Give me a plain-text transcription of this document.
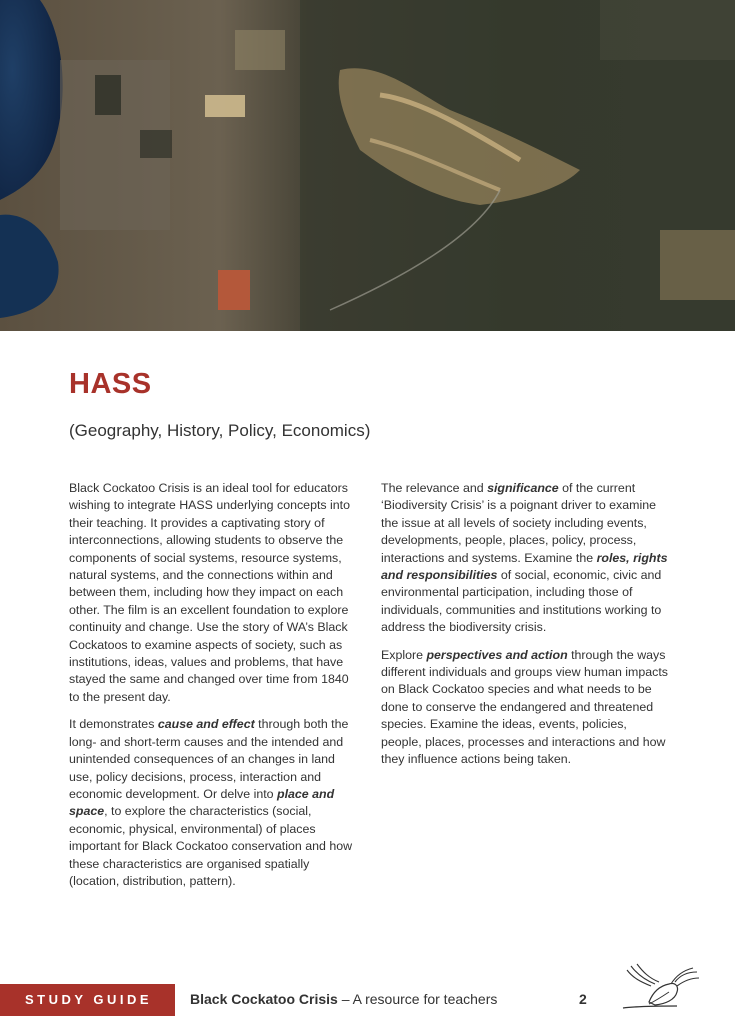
HASS
(Geography, History, Policy, Economics)

Black Cockatoo Crisis is an ideal tool for educators wishing to integrate HASS underlying concepts into their teaching. It provides a captivating story of interconnections, allowing students to observe the components of social systems, resource systems, natural systems, and the connections within and between them, including how they impact on each other. The film is an excellent foundation to explore continuity and change. Use the story of WA’s Black Cockatoos to examine aspects of society, such as institutions, ideas, values and problems, that have stayed the same and changed over time from 1840 to the present day.

It demonstrates cause and effect through both the long- and short-term causes and the intended and unintended consequences of an changes in land use, policy decisions, process, interaction and economic development. Or delve into place and space, to explore the characteristics (social, economic, physical, environmental) of places important for Black Cockatoo conservation and how these characteristics are organised spatially (location, distribution, pattern).

The relevance and significance of the current ‘Biodiversity Crisis’ is a poignant driver to examine the issue at all levels of society including events, developments, people, places, policy, process, interactions and systems. Examine the roles, rights and responsibilities of social, economic, civic and environmental participation, including those of individuals, communities and institutions working to address the biodiversity crisis.

Explore perspectives and action through the ways different individuals and groups view human impacts on Black Cockatoo species and what needs to be done to conserve the endangered and threatened species. Examine the ideas, events, policies, people, places, processes and interactions and how they influence actions being taken.

STUDY GUIDE	Black Cockatoo Crisis – A resource for teachers	2
